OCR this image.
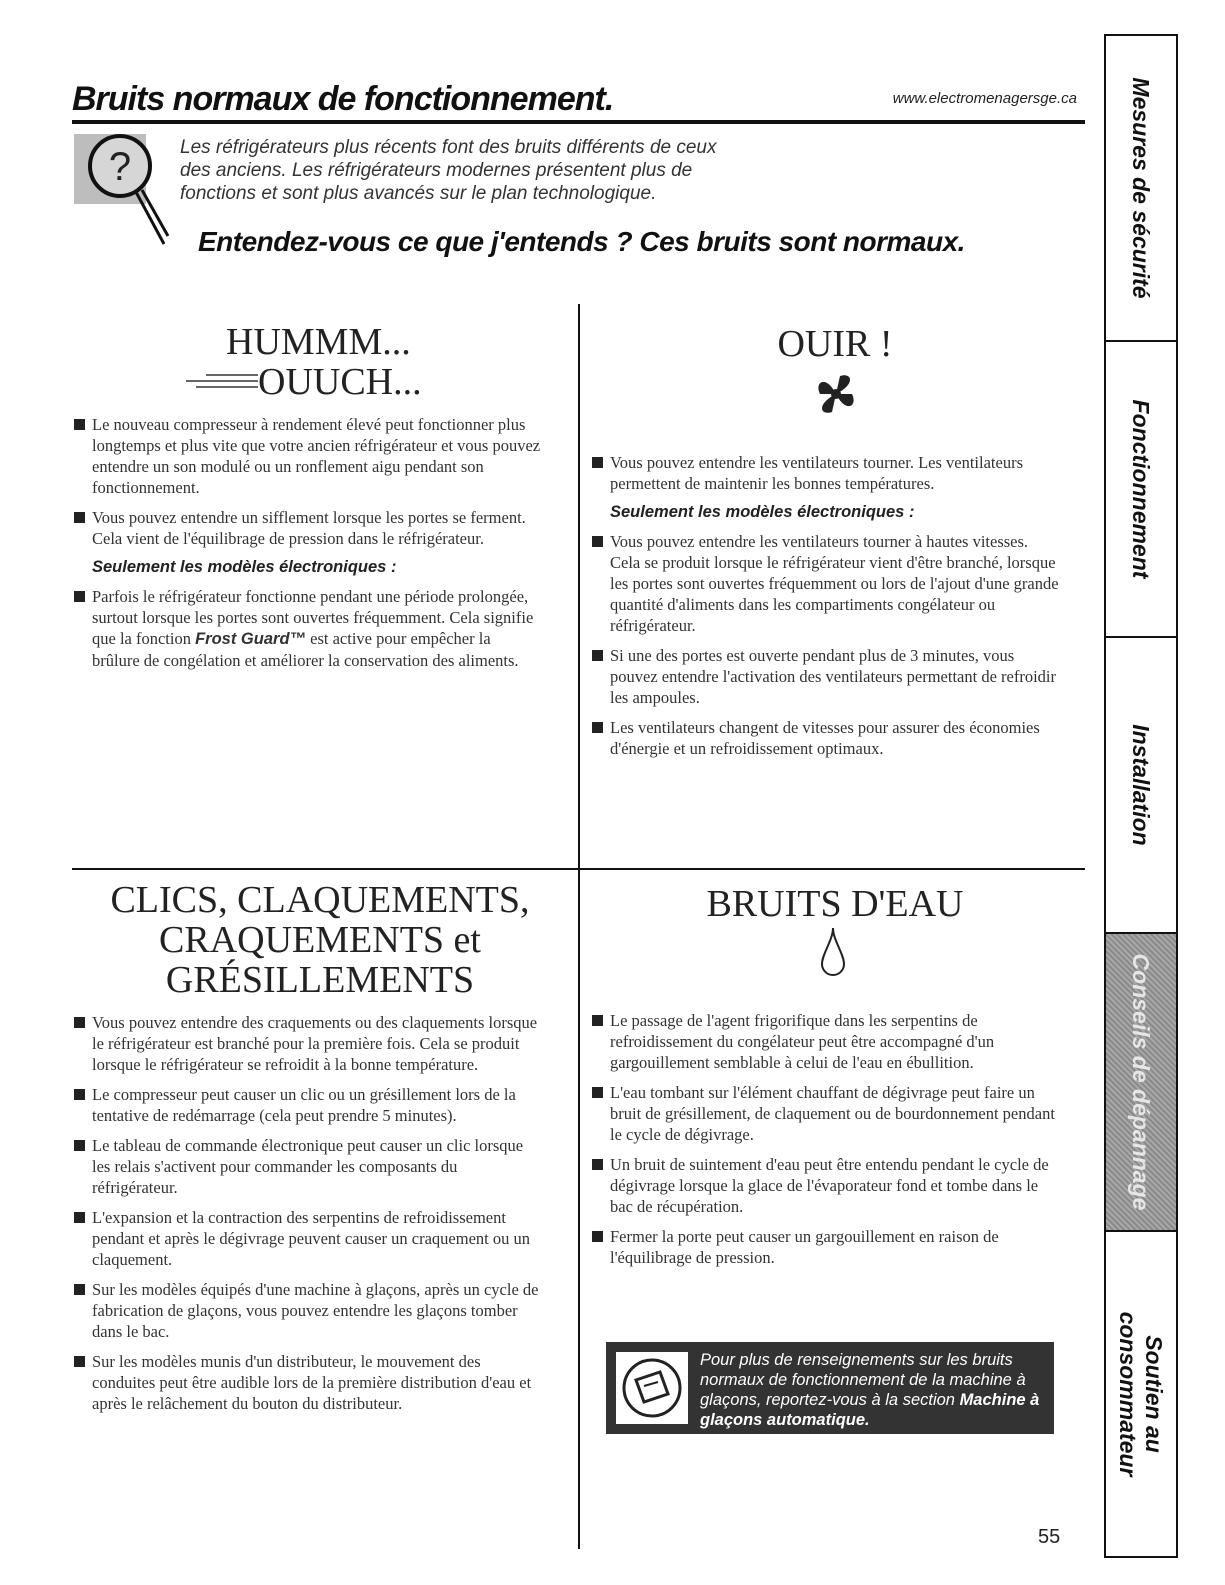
Bruits normaux de fonctionnement.	www.electromenagersge.ca
?	Les réfrigérateurs plus récents font des bruits différents de ceux

des anciens. Les réfrigérateurs modernes présentent plus de

fonctions et sont plus avancés sur le plan technologique.

Entendez-vous ce que j'entends ? Ces bruits sont normaux.
HUMMM...
OUUCH...

Le nouveau compresseur à rendement élevé peut fonctionner plus longtemps et plus vite que votre ancien réfrigérateur et vous pouvez entendre un son modulé ou un ronflement aigu pendant son fonctionnement.

Vous pouvez entendre un sifflement lorsque les portes se ferment. Cela vient de l'équilibrage de pression dans le réfrigérateur.

Seulement les modèles électroniques :

Parfois le réfrigérateur fonctionne pendant une période prolongée, surtout lorsque les portes sont ouvertes fréquemment. Cela signifie que la fonction Frost Guard™ est active pour empêcher la brûlure de congélation et améliorer la conservation des aliments.

OUIR !

Vous pouvez entendre les ventilateurs tourner. Les ventilateurs permettent de maintenir les bonnes températures.

Seulement les modèles électroniques :

Vous pouvez entendre les ventilateurs tourner à hautes vitesses. Cela se produit lorsque le réfrigérateur vient d'être branché, lorsque les portes sont ouvertes fréquemment ou lors de l'ajout d'une grande quantité d'aliments dans les compartiments congélateur ou réfrigérateur.

Si une des portes est ouverte pendant plus de 3 minutes, vous pouvez entendre l'activation des ventilateurs permettant de refroidir les ampoules.

Les ventilateurs changent de vitesses pour assurer des économies d'énergie et un refroidissement optimaux.

CLICS, CLAQUEMENTS,
CRAQUEMENTS et
GRÉSILLEMENTS

Vous pouvez entendre des craquements ou des claquements lorsque le réfrigérateur est branché pour la première fois. Cela se produit lorsque le réfrigérateur se refroidit à la bonne température.

Le compresseur peut causer un clic ou un grésillement lors de la tentative de redémarrage (cela peut prendre 5 minutes).

Le tableau de commande électronique peut causer un clic lorsque les relais s'activent pour commander les composants du réfrigérateur.

L'expansion et la contraction des serpentins de refroidissement pendant et après le dégivrage peuvent causer un craquement ou un claquement.

Sur les modèles équipés d'une machine à glaçons, après un cycle de fabrication de glaçons, vous pouvez entendre les glaçons tomber dans le bac.

Sur les modèles munis d'un distributeur, le mouvement des conduites peut être audible lors de la première distribution d'eau et après le relâchement du bouton du distributeur.

BRUITS D'EAU

Le passage de l'agent frigorifique dans les serpentins de refroidissement du congélateur peut être accompagné d'un gargouillement semblable à celui de l'eau en ébullition.

L'eau tombant sur l'élément chauffant de dégivrage peut faire un bruit de grésillement, de claquement ou de bourdonnement pendant le cycle de dégivrage.

Un bruit de suintement d'eau peut être entendu pendant le cycle de dégivrage lorsque la glace de l'évaporateur fond et tombe dans le bac de récupération.

Fermer la porte peut causer un gargouillement en raison de l'équilibrage de pression.

Pour plus de renseignements sur les bruits normaux de fonctionnement de la machine à glaçons, reportez-vous à la section Machine à glaçons automatique.
55
Mesures de sécurité
Fonctionnement
Installation
Conseils de dépannage
Soutien au consommateur
